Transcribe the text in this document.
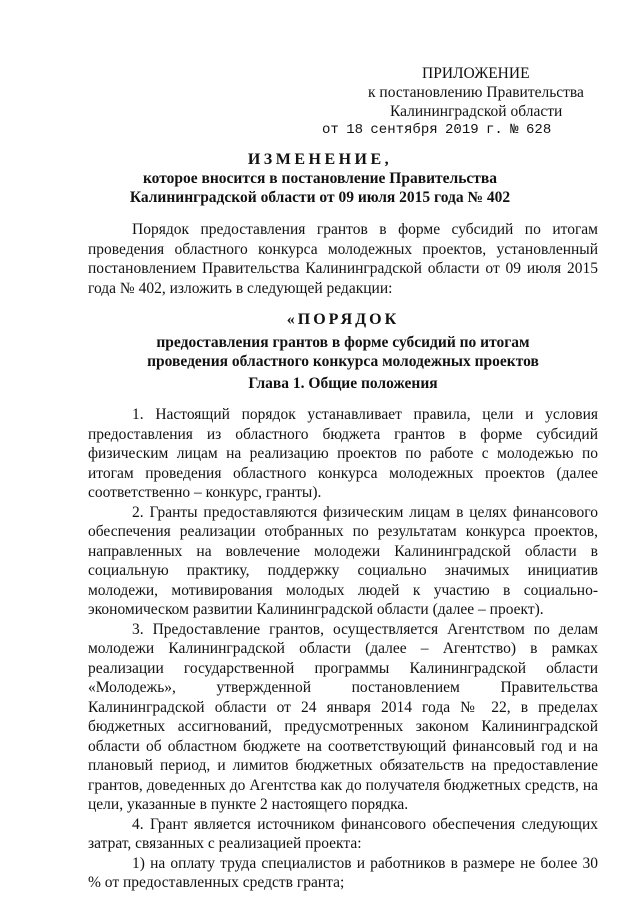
ПРИЛОЖЕНИЕ
к постановлению Правительства
Калининградской области
от 18 сентября 2019 г. № 628
ИЗМЕНЕНИЕ,
которое вносится в постановление Правительства
Калининградской области от 09 июля 2015 года № 402

Порядок предоставления грантов в форме субсидий по итогам проведения областного конкурса молодежных проектов, установленный постановлением Правительства Калининградской области от 09 июля 2015 года № 402, изложить в следующей редакции:

«ПОРЯДОК
предоставления грантов в форме субсидий по итогам
проведения областного конкурса молодежных проектов
Глава 1. Общие положения

1. Настоящий порядок устанавливает правила, цели и условия предоставления из областного бюджета грантов в форме субсидий физическим лицам на реализацию проектов по работе с молодежью по итогам проведения областного конкурса молодежных проектов (далее соответственно – конкурс, гранты).

2. Гранты предоставляются физическим лицам в целях финансового обеспечения реализации отобранных по результатам конкурса проектов, направленных на вовлечение молодежи Калининградской области в социальную практику, поддержку социально значимых инициатив молодежи, мотивирования молодых людей к участию в социально-экономическом развитии Калининградской области (далее – проект).

3. Предоставление грантов, осуществляется Агентством по делам молодежи Калининградской области (далее – Агентство) в рамках реализации государственной программы Калининградской области «Молодежь», утвержденной постановлением Правительства Калининградской области от 24 января 2014 года № 22, в пределах бюджетных ассигнований, предусмотренных законом Калининградской области об областном бюджете на соответствующий финансовый год и на плановый период, и лимитов бюджетных обязательств на предоставление грантов, доведенных до Агентства как до получателя бюджетных средств, на цели, указанные в пункте 2 настоящего порядка.

4. Грант является источником финансового обеспечения следующих затрат, связанных с реализацией проекта:

1) на оплату труда специалистов и работников в размере не более 30 % от предоставленных средств гранта;
